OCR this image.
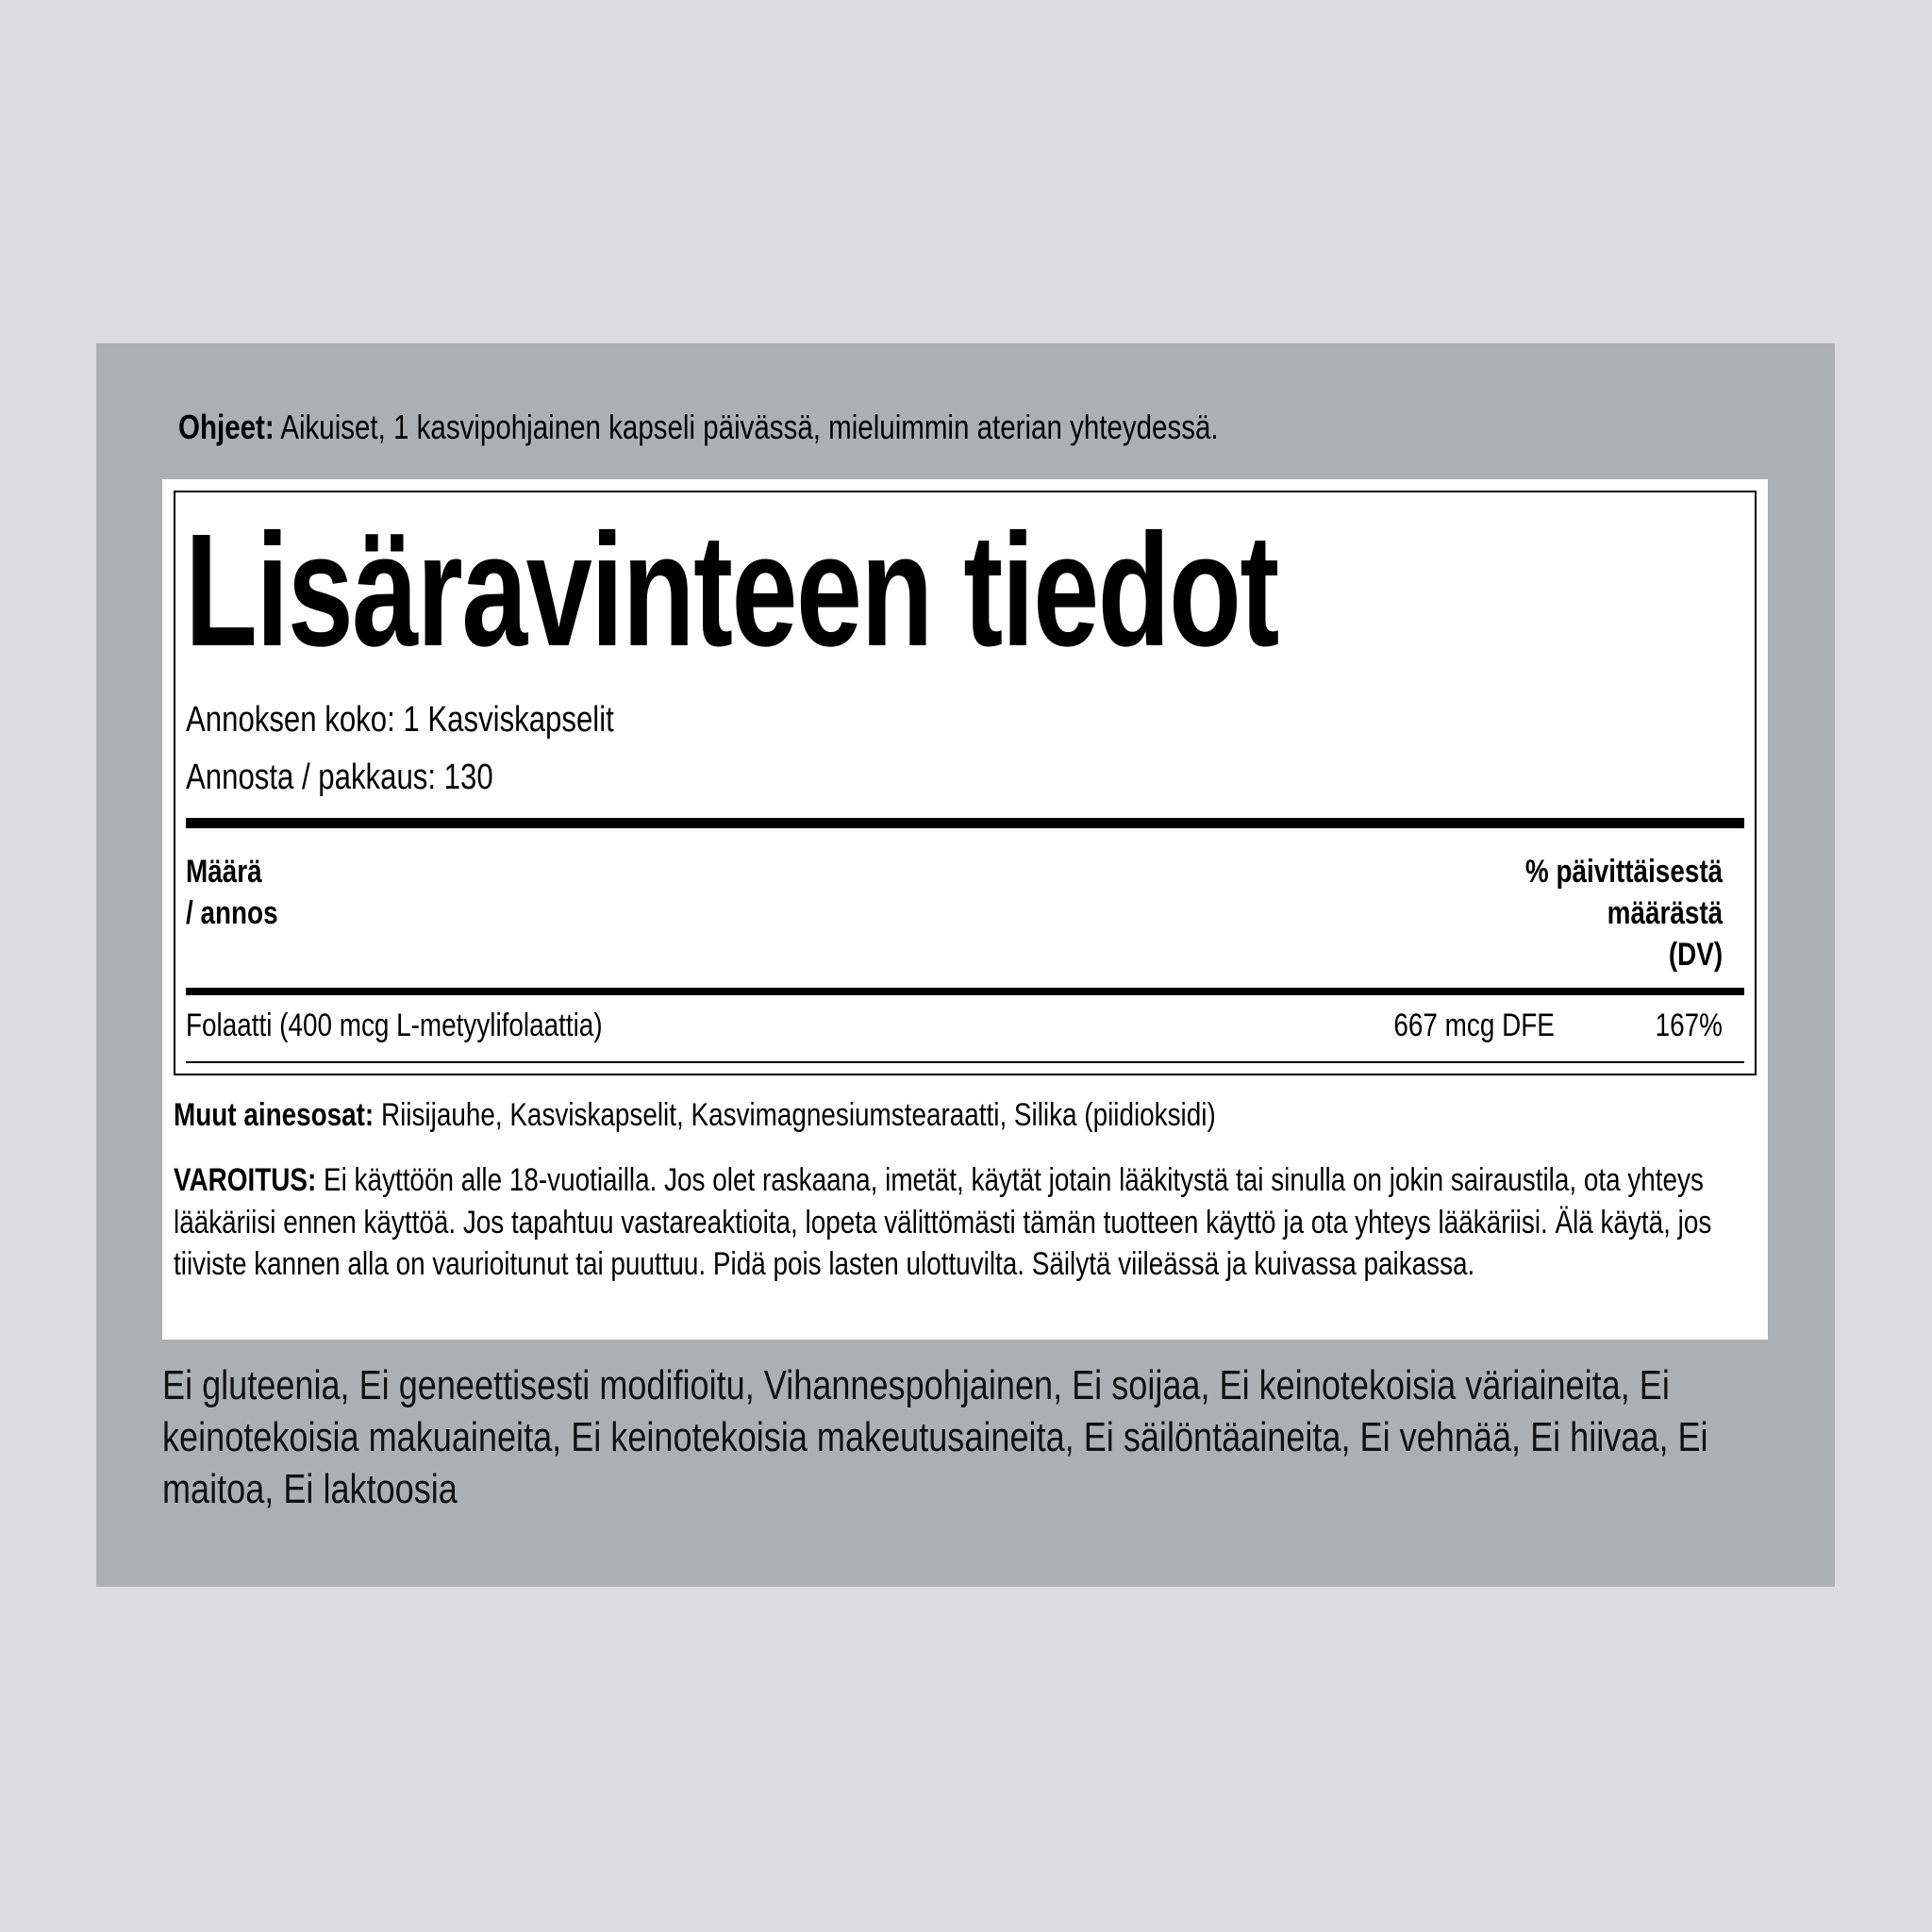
Ohjeet: Aikuiset, 1 kasvipohjainen kapseli päivässä, mieluimmin aterian yhteydessä.
Lisäravinteen tiedot
Annoksen koko: 1 Kasviskapselit
Annosta / pakkaus: 130
Määrä
/ annos
% päivittäisestä
määrästä
(DV)
Folaatti (400 mcg L-metyylifolaattia)	667 mcg DFE	167%
Muut ainesosat: Riisijauhe, Kasviskapselit, Kasvimagnesiumstearaatti, Silika (piidioksidi)
VAROITUS: Ei käyttöön alle 18-vuotiailla. Jos olet raskaana, imetät, käytät jotain lääkitystä tai sinulla on jokin sairaustila, ota yhteys lääkäriisi ennen käyttöä. Jos tapahtuu vastareaktioita, lopeta välittömästi tämän tuotteen käyttö ja ota yhteys lääkäriisi. Älä käytä, jos tiiviste kannen alla on vaurioitunut tai puuttuu. Pidä pois lasten ulottuvilta. Säilytä viileässä ja kuivassa paikassa.
Ei gluteenia, Ei geneettisesti modifioitu, Vihannespohjainen, Ei soijaa, Ei keinotekoisia väriaineita, Ei keinotekoisia makuaineita, Ei keinotekoisia makeutusaineita, Ei säilöntäaineita, Ei vehnää, Ei hiivaa, Ei maitoa, Ei laktoosia
